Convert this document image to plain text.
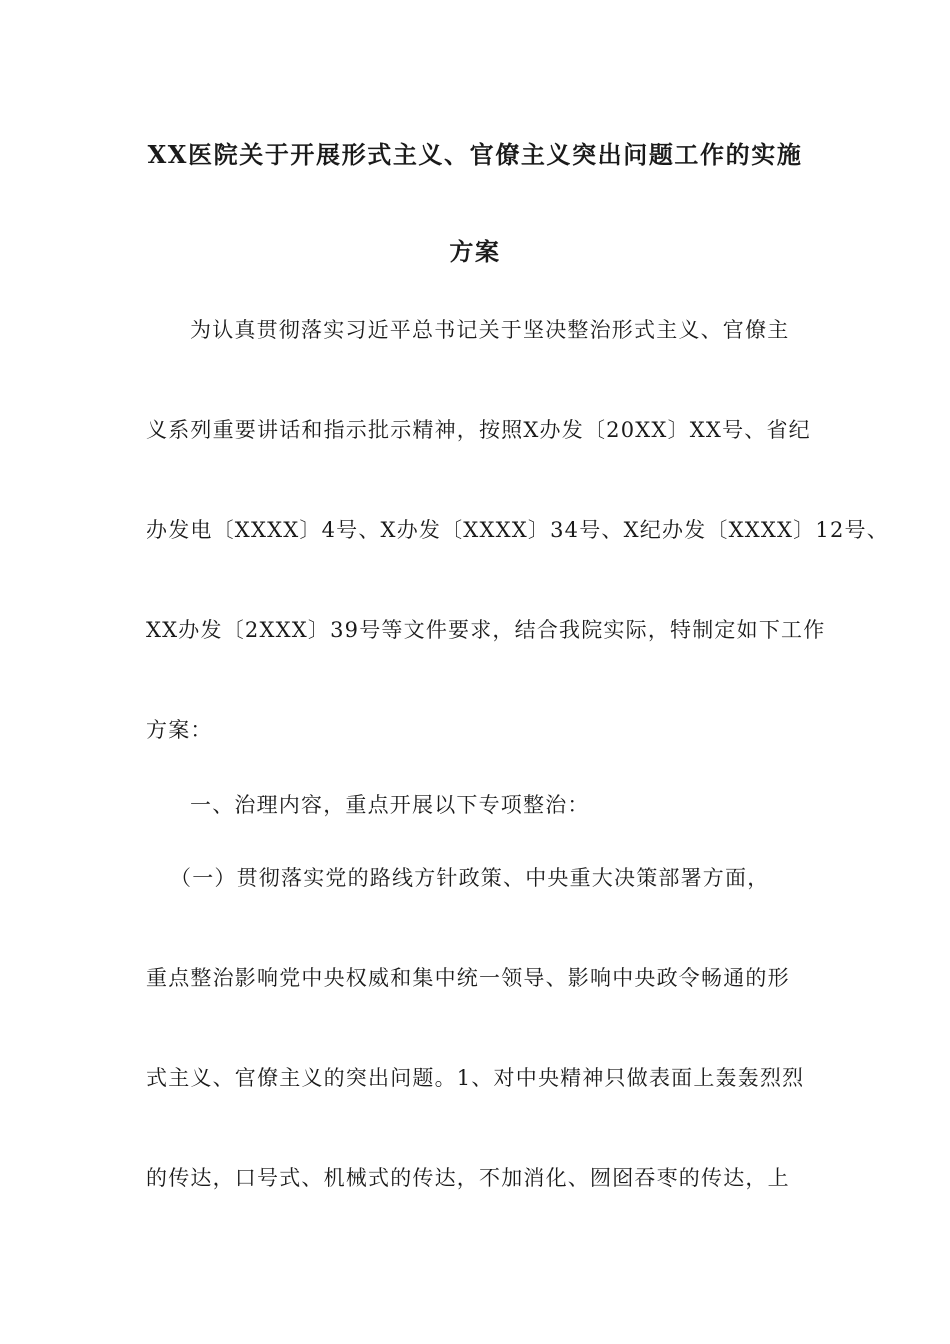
XX医院关于开展形式主义、官僚主义突出问题工作的实施
方案
为认真贯彻落实习近平总书记关于坚决整治形式主义、官僚主
义系列重要讲话和指示批示精神，按照X办发〔20XX〕XX号、省纪
办发电〔XXXX〕4号、X办发〔XXXX〕34号、X纪办发〔XXXX〕12号、
XX办发〔2XXX〕39号等文件要求，结合我院实际，特制定如下工作
方案：
一、治理内容，重点开展以下专项整治：
（一）贯彻落实党的路线方针政策、中央重大决策部署方面，
重点整治影响党中央权威和集中统一领导、影响中央政令畅通的形
式主义、官僚主义的突出问题。1、对中央精神只做表面上轰轰烈烈
的传达，口号式、机械式的传达，不加消化、囫囵吞枣的传达，上
